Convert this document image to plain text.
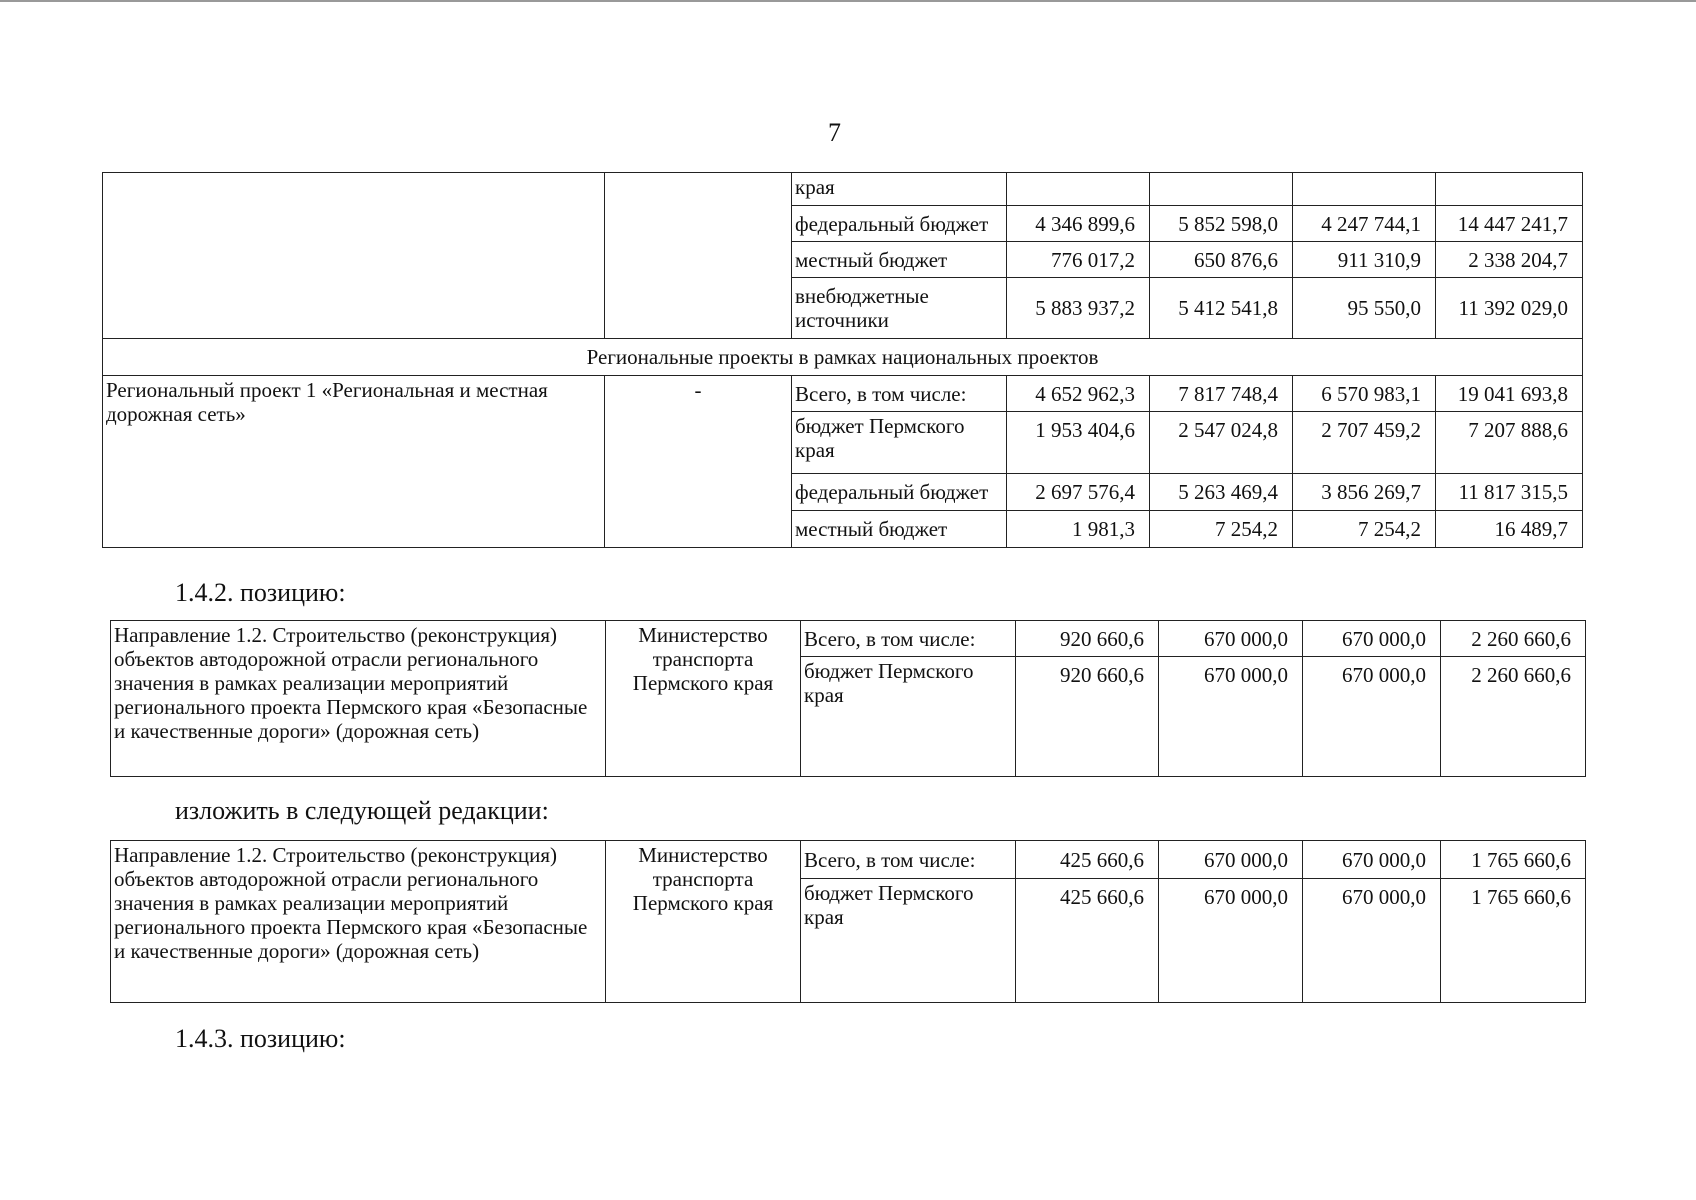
7
		края				
		федеральный бюджет	4 346 899,6	5 852 598,0	4 247 744,1	14 447 241,7
		местный бюджет	776 017,2	650 876,6	911 310,9	2 338 204,7
		внебюджетные источники	5 883 937,2	5 412 541,8	95 550,0	11 392 029,0
Региональные проекты в рамках национальных проектов						
Региональный проект 1 «Региональная и местная дорожная сеть»	-	Всего, в том числе:	4 652 962,3	7 817 748,4	6 570 983,1	19 041 693,8
		бюджет Пермского края	1 953 404,6	2 547 024,8	2 707 459,2	7 207 888,6
		федеральный бюджет	2 697 576,4	5 263 469,4	3 856 269,7	11 817 315,5
		местный бюджет	1 981,3	7 254,2	7 254,2	16 489,7
1.4.2. позицию:
Направление 1.2. Строительство (реконструкция) объектов автодорожной отрасли регионального значения в рамках реализации мероприятий регионального проекта Пермского края «Безопасные и качественные дороги» (дорожная сеть)	Министерство транспорта Пермского края	Всего, в том числе:	920 660,6	670 000,0	670 000,0	2 260 660,6
		бюджет Пермского края	920 660,6	670 000,0	670 000,0	2 260 660,6
изложить в следующей редакции:
Направление 1.2. Строительство (реконструкция) объектов автодорожной отрасли регионального значения в рамках реализации мероприятий регионального проекта Пермского края «Безопасные и качественные дороги» (дорожная сеть)	Министерство транспорта Пермского края	Всего, в том числе:	425 660,6	670 000,0	670 000,0	1 765 660,6
		бюджет Пермского края	425 660,6	670 000,0	670 000,0	1 765 660,6
1.4.3. позицию:
